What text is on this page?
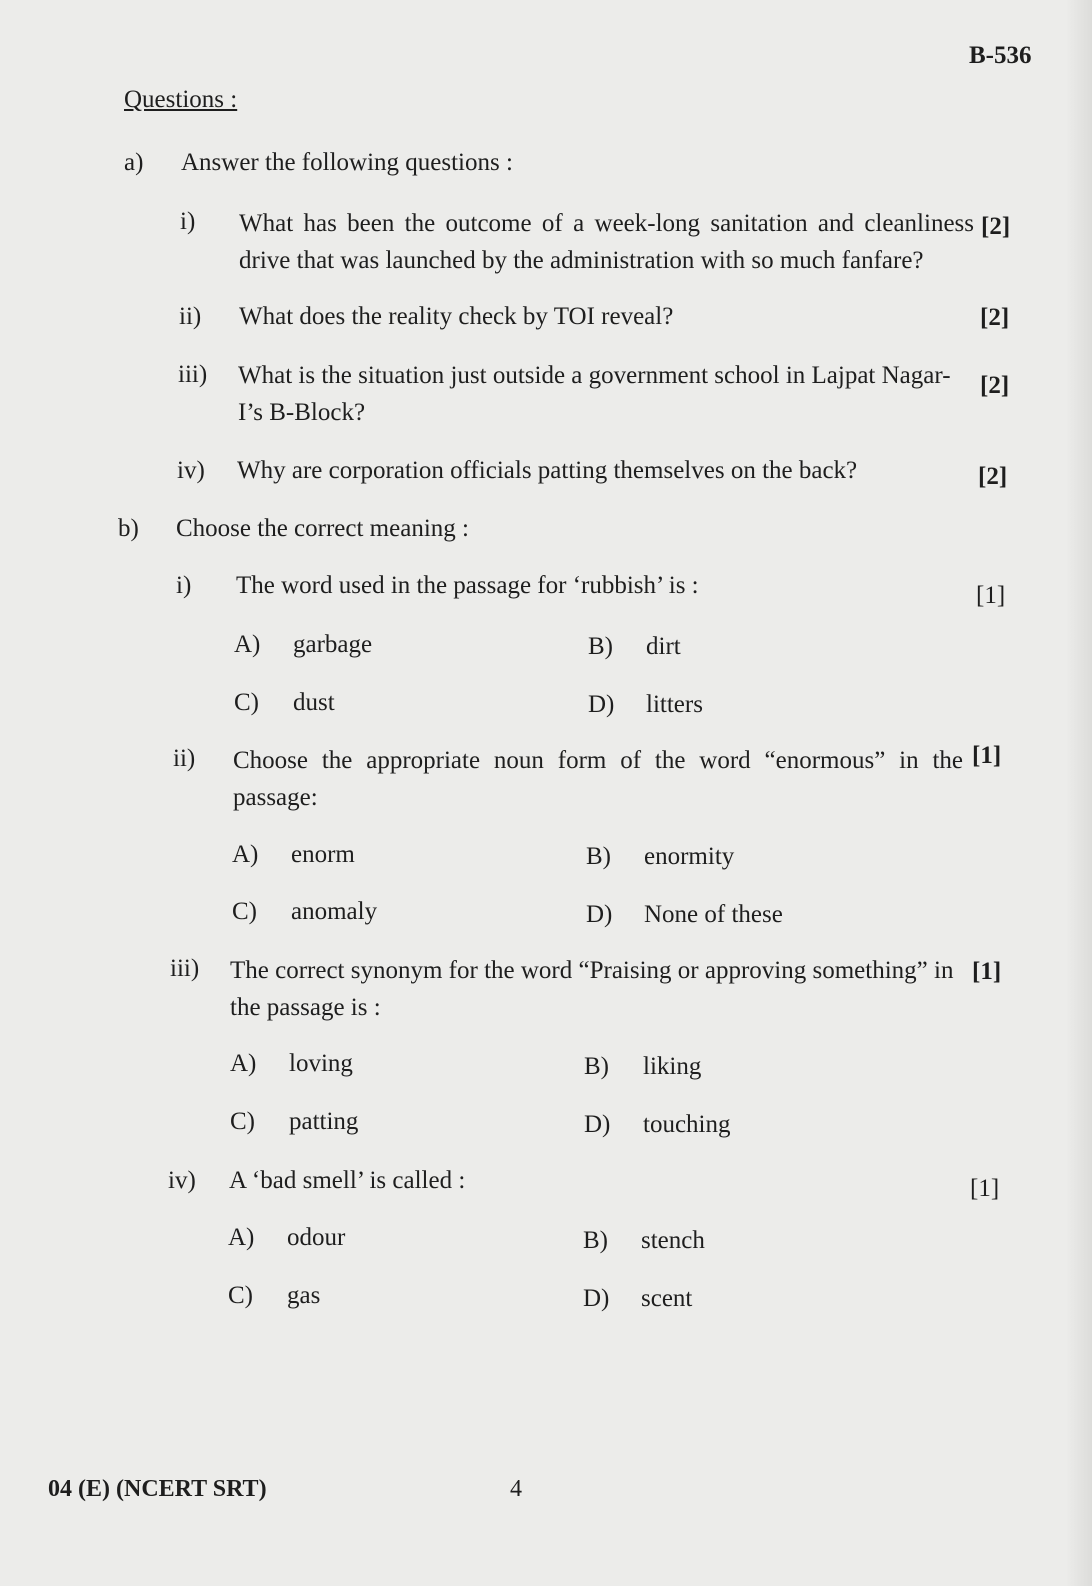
B-536
Questions :
a) Answer the following questions :
i) What has been the outcome of a week-long sanitation and cleanliness drive that was launched by the administration with so much fanfare?
[2]
ii) What does the reality check by TOI reveal?	[2]
iii) What is the situation just outside a government school in Lajpat Nagar-I’s B-Block?
[2]
iv) Why are corporation officials patting themselves on the back?	[2]
b) Choose the correct meaning :
i) The word used in the passage for ‘rubbish’ is :	[1]
A) garbage	B) dirt
C) dust	D) litters
ii) Choose the appropriate noun form of the word “enormous” in the passage:
[1]
A) enorm	B) enormity
C) anomaly	D) None of these
iii) The correct synonym for the word “Praising or approving something” in the passage is :
[1]
A) loving	B) liking
C) patting	D) touching
iv) A ‘bad smell’ is called :	[1]
A) odour	B) stench
C) gas	D) scent
04 (E) (NCERT SRT)	4
